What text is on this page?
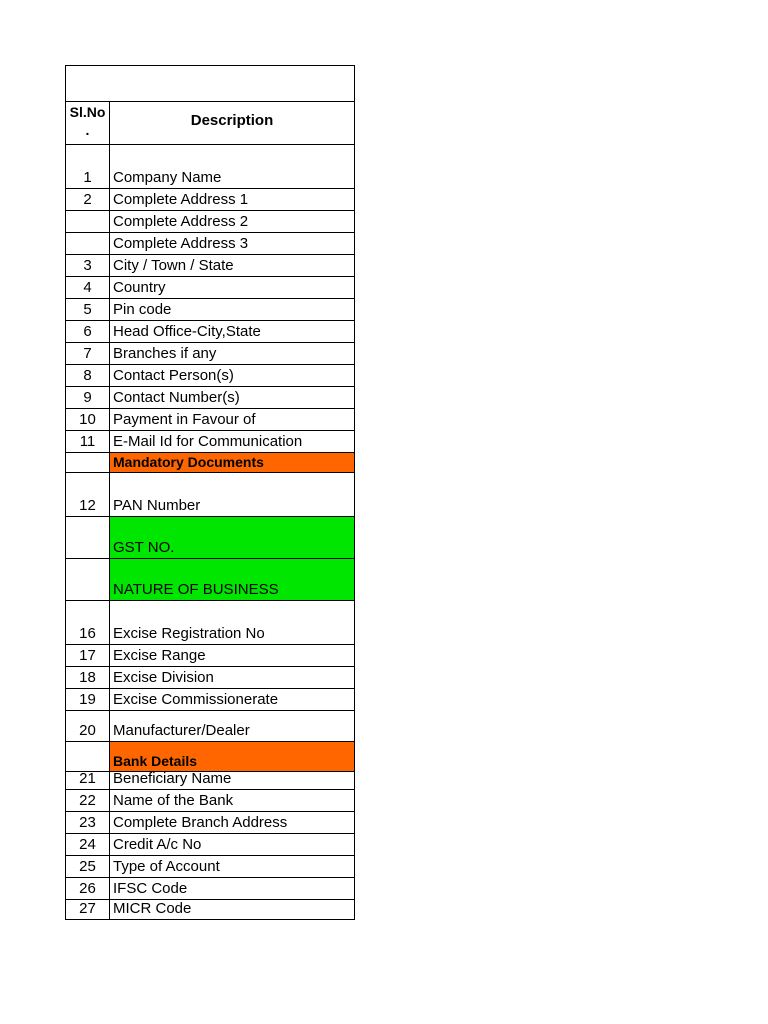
Sl.No
.
Description
1	Company Name
2	Complete Address 1
Complete Address 2
Complete Address 3
3	City / Town / State
4	Country
5	Pin code
6	Head Office-City,State
7	Branches if any
8	Contact Person(s)
9	Contact Number(s)
10	Payment in Favour of
11	E-Mail Id for Communication
Mandatory Documents
12	PAN Number
GST NO.
NATURE OF BUSINESS
16	Excise Registration No
17	Excise Range
18	Excise Division
19	Excise Commissionerate
20	Manufacturer/Dealer
Bank Details
21	Beneficiary Name
22	Name of the Bank
23	Complete Branch Address
24	Credit A/c No
25	Type of Account
26	IFSC Code
27	MICR Code
